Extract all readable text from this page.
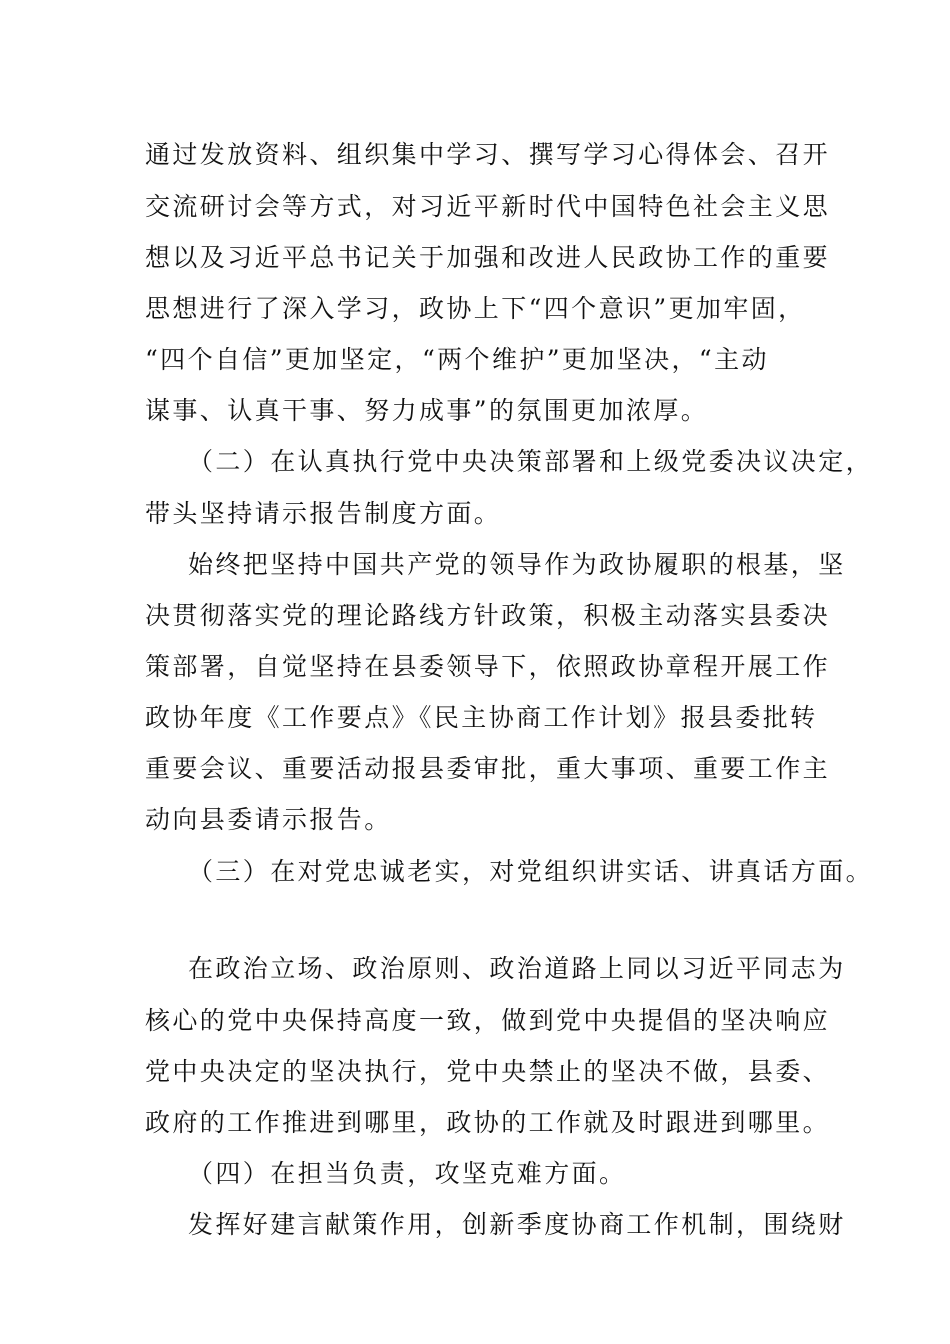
通过发放资料、组织集中学习、撰写学习心得体会、召开
交流研讨会等方式，对习近平新时代中国特色社会主义思
想以及习近平总书记关于加强和改进人民政协工作的重要
思想进行了深入学习，政协上下“四个意识”更加牢固，
“四个自信”更加坚定，“两个维护”更加坚决，“主动
谋事、认真干事、努力成事”的氛围更加浓厚。
（二）在认真执行党中央决策部署和上级党委决议决定，
带头坚持请示报告制度方面。
始终把坚持中国共产党的领导作为政协履职的根基，坚
决贯彻落实党的理论路线方针政策，积极主动落实县委决
策部署，自觉坚持在县委领导下，依照政协章程开展工作
政协年度《工作要点》《民主协商工作计划》报县委批转
重要会议、重要活动报县委审批，重大事项、重要工作主
动向县委请示报告。
（三）在对党忠诚老实，对党组织讲实话、讲真话方面。
在政治立场、政治原则、政治道路上同以习近平同志为
核心的党中央保持高度一致，做到党中央提倡的坚决响应
党中央决定的坚决执行，党中央禁止的坚决不做，县委、
政府的工作推进到哪里，政协的工作就及时跟进到哪里。
（四）在担当负责，攻坚克难方面。
发挥好建言献策作用，创新季度协商工作机制，围绕财
